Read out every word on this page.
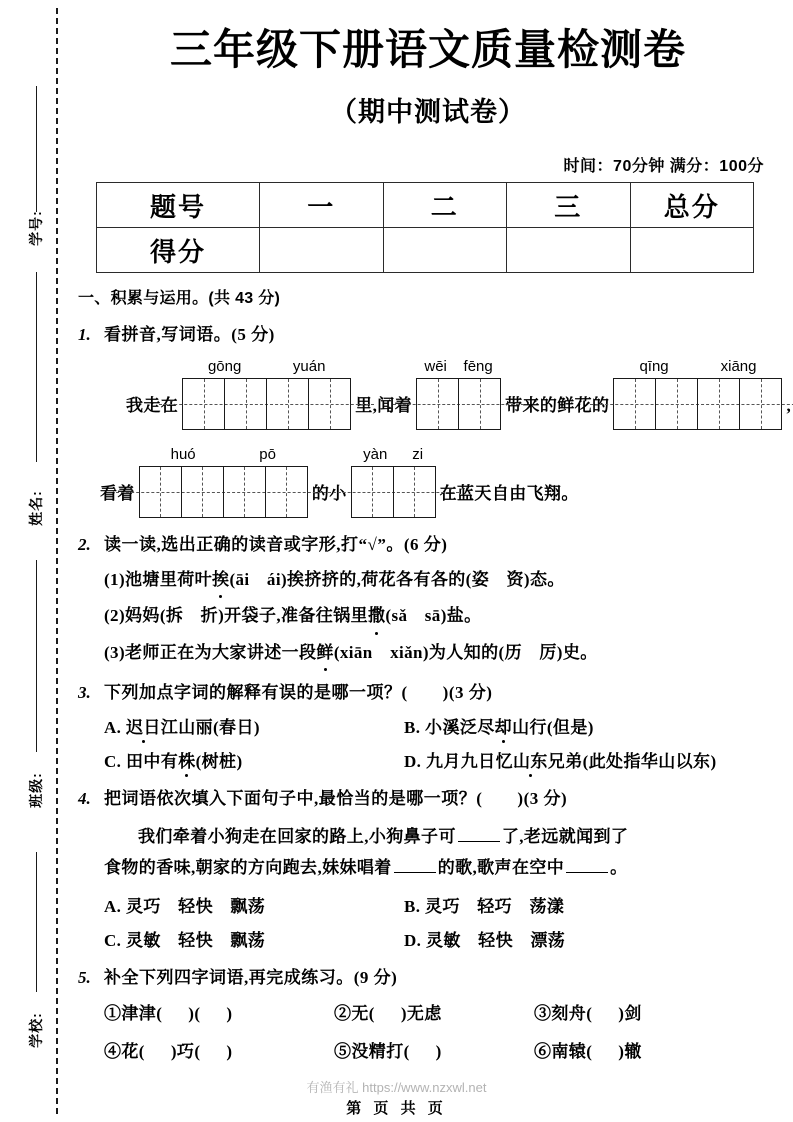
学号:
姓名:
班级:
学校:
三年级下册语文质量检测卷
（期中测试卷）
时间：70分钟 满分：100分
题号	一	二	三	总分
得分				
一、积累与运用。(共 43 分)
1. 看拼音,写词语。(5 分)
我走在
gōng	yuán
里,闻着
wēi fēng
带来的鲜花的
qīng	xiāng
,
看着
huó	pō
的小
yàn zi
在蓝天自由飞翔。
2. 读一读,选出正确的读音或字形,打“√”。(6 分)
(1)池塘里荷叶挨(āi　ái)挨挤挤的,荷花各有各的(姿　资)态。
(2)妈妈(拆　折)开袋子,准备往锅里撒(sǎ　sā)盐。
(3)老师正在为大家讲述一段鲜(xiān　xiǎn)为人知的(历　厉)史。
3. 下列加点字词的解释有误的是哪一项？(　　)(3 分)
A. 迟日江山丽(春日)	B. 小溪泛尽却山行(但是)
C. 田中有株(树桩)	D. 九月九日忆山东兄弟(此处指华山以东)
4. 把词语依次填入下面句子中,最恰当的是哪一项？(　　)(3 分)
我们牵着小狗走在回家的路上,小狗鼻子可	了,老远就闻到了
食物的香味,朝家的方向跑去,妹妹唱着	的歌,歌声在空中	。
A. 灵巧　轻快　飘荡	B. 灵巧　轻巧　荡漾
C. 灵敏　轻快　飘荡	D. 灵敏　轻快　漂荡
5. 补全下列四字词语,再完成练习。(9 分)
①津津( )( )	②无( )无虑	③刻舟( )剑
④花( )巧( )	⑤没精打( )	⑥南辕( )辙
有渔有礼 https://www.nzxwl.net
第 页 共 页
